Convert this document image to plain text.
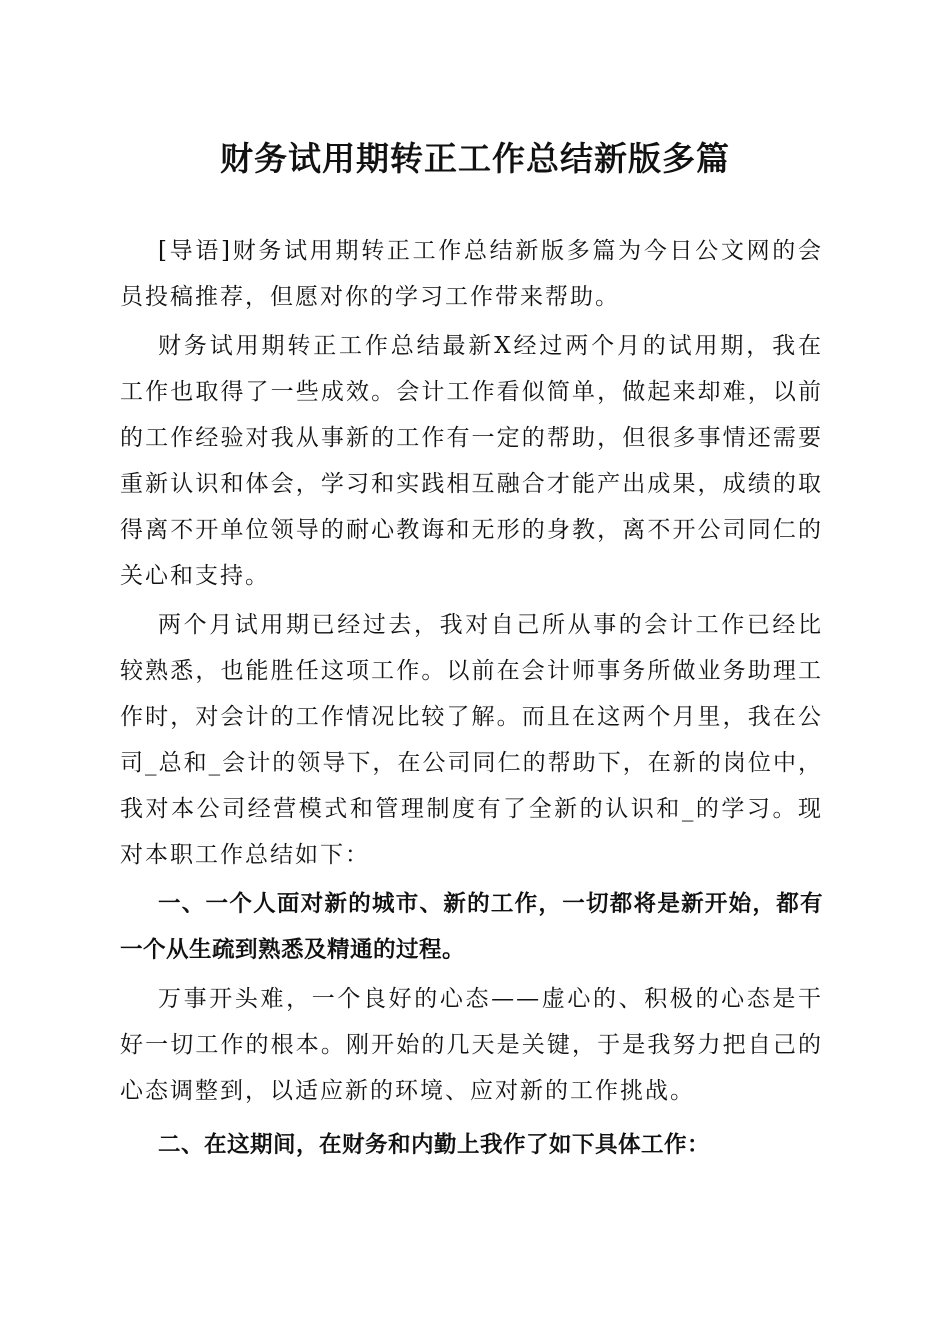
财务试用期转正工作总结新版多篇

[导语]财务试用期转正工作总结新版多篇为今日公文网的会员投稿推荐，但愿对你的学习工作带来帮助。

财务试用期转正工作总结最新X经过两个月的试用期，我在工作也取得了一些成效。会计工作看似简单，做起来却难，以前的工作经验对我从事新的工作有一定的帮助，但很多事情还需要重新认识和体会，学习和实践相互融合才能产出成果，成绩的取得离不开单位领导的耐心教诲和无形的身教，离不开公司同仁的关心和支持。

两个月试用期已经过去，我对自己所从事的会计工作已经比较熟悉，也能胜任这项工作。以前在会计师事务所做业务助理工作时，对会计的工作情况比较了解。而且在这两个月里，我在公司_总和_会计的领导下，在公司同仁的帮助下，在新的岗位中，我对本公司经营模式和管理制度有了全新的认识和_的学习。现对本职工作总结如下：

一、一个人面对新的城市、新的工作，一切都将是新开始，都有一个从生疏到熟悉及精通的过程。

万事开头难，一个良好的心态——虚心的、积极的心态是干好一切工作的根本。刚开始的几天是关键，于是我努力把自己的心态调整到，以适应新的环境、应对新的工作挑战。

二、在这期间，在财务和内勤上我作了如下具体工作：
